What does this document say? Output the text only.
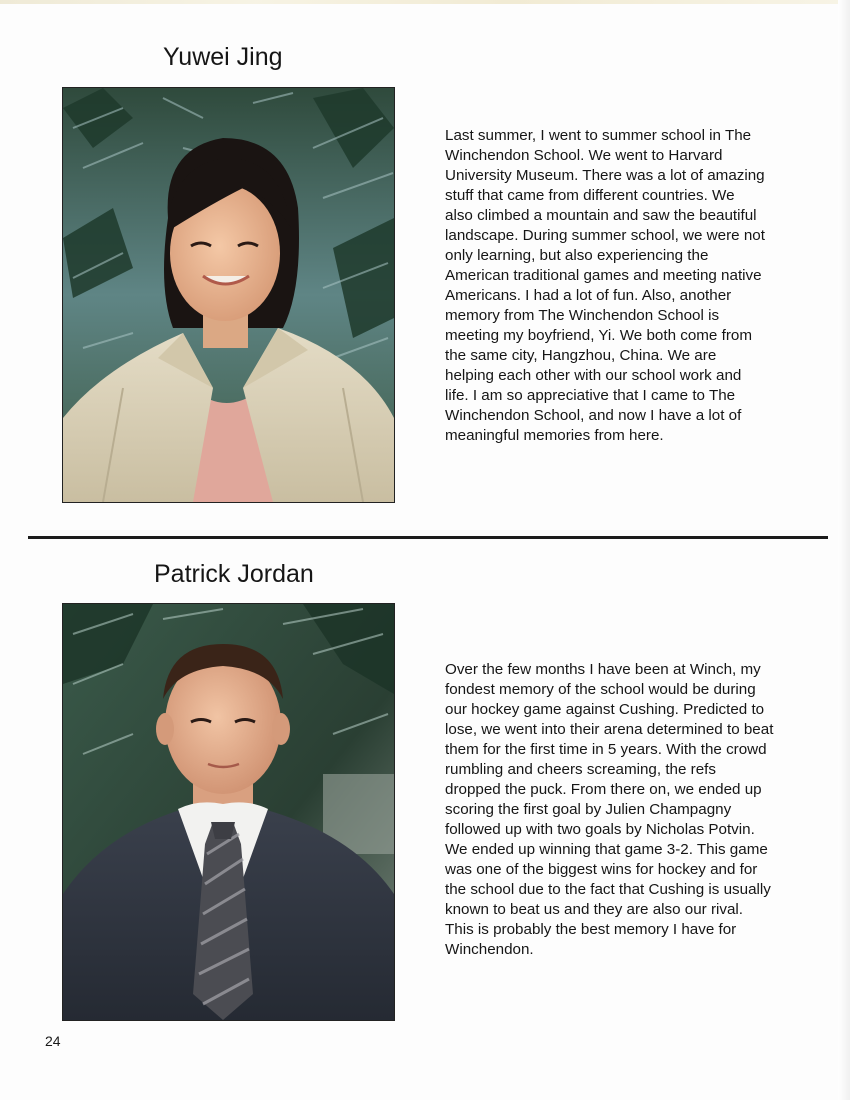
Yuwei Jing
Last summer, I went to summer school in The
Winchendon School. We went to Harvard
University Museum. There was a lot of amazing
stuff that came from different countries. We
also climbed a mountain and saw the beautiful
landscape. During summer school, we were not
only learning, but also experiencing the
American traditional games and meeting native
Americans. I had a lot of fun. Also, another
memory from The Winchendon School is
meeting my boyfriend, Yi. We both come from
the same city, Hangzhou, China. We are
helping each other with our school work and
life. I am so appreciative that I came to The
Winchendon School, and now I have a lot of
meaningful memories from here.
Patrick Jordan
Over the few months I have been at Winch, my
fondest memory of the school would be during
our hockey game against Cushing. Predicted to
lose, we went into their arena determined to beat
them for the first time in 5 years. With the crowd
rumbling and cheers screaming, the refs
dropped the puck. From there on, we ended up
scoring the first goal by Julien Champagny
followed up with two goals by Nicholas Potvin.
We ended up winning that game 3-2. This game
was one of the biggest wins for hockey and for
the school due to the fact that Cushing is usually
known to beat us and they are also our rival.
This is probably the best memory I have for
Winchendon.
24
